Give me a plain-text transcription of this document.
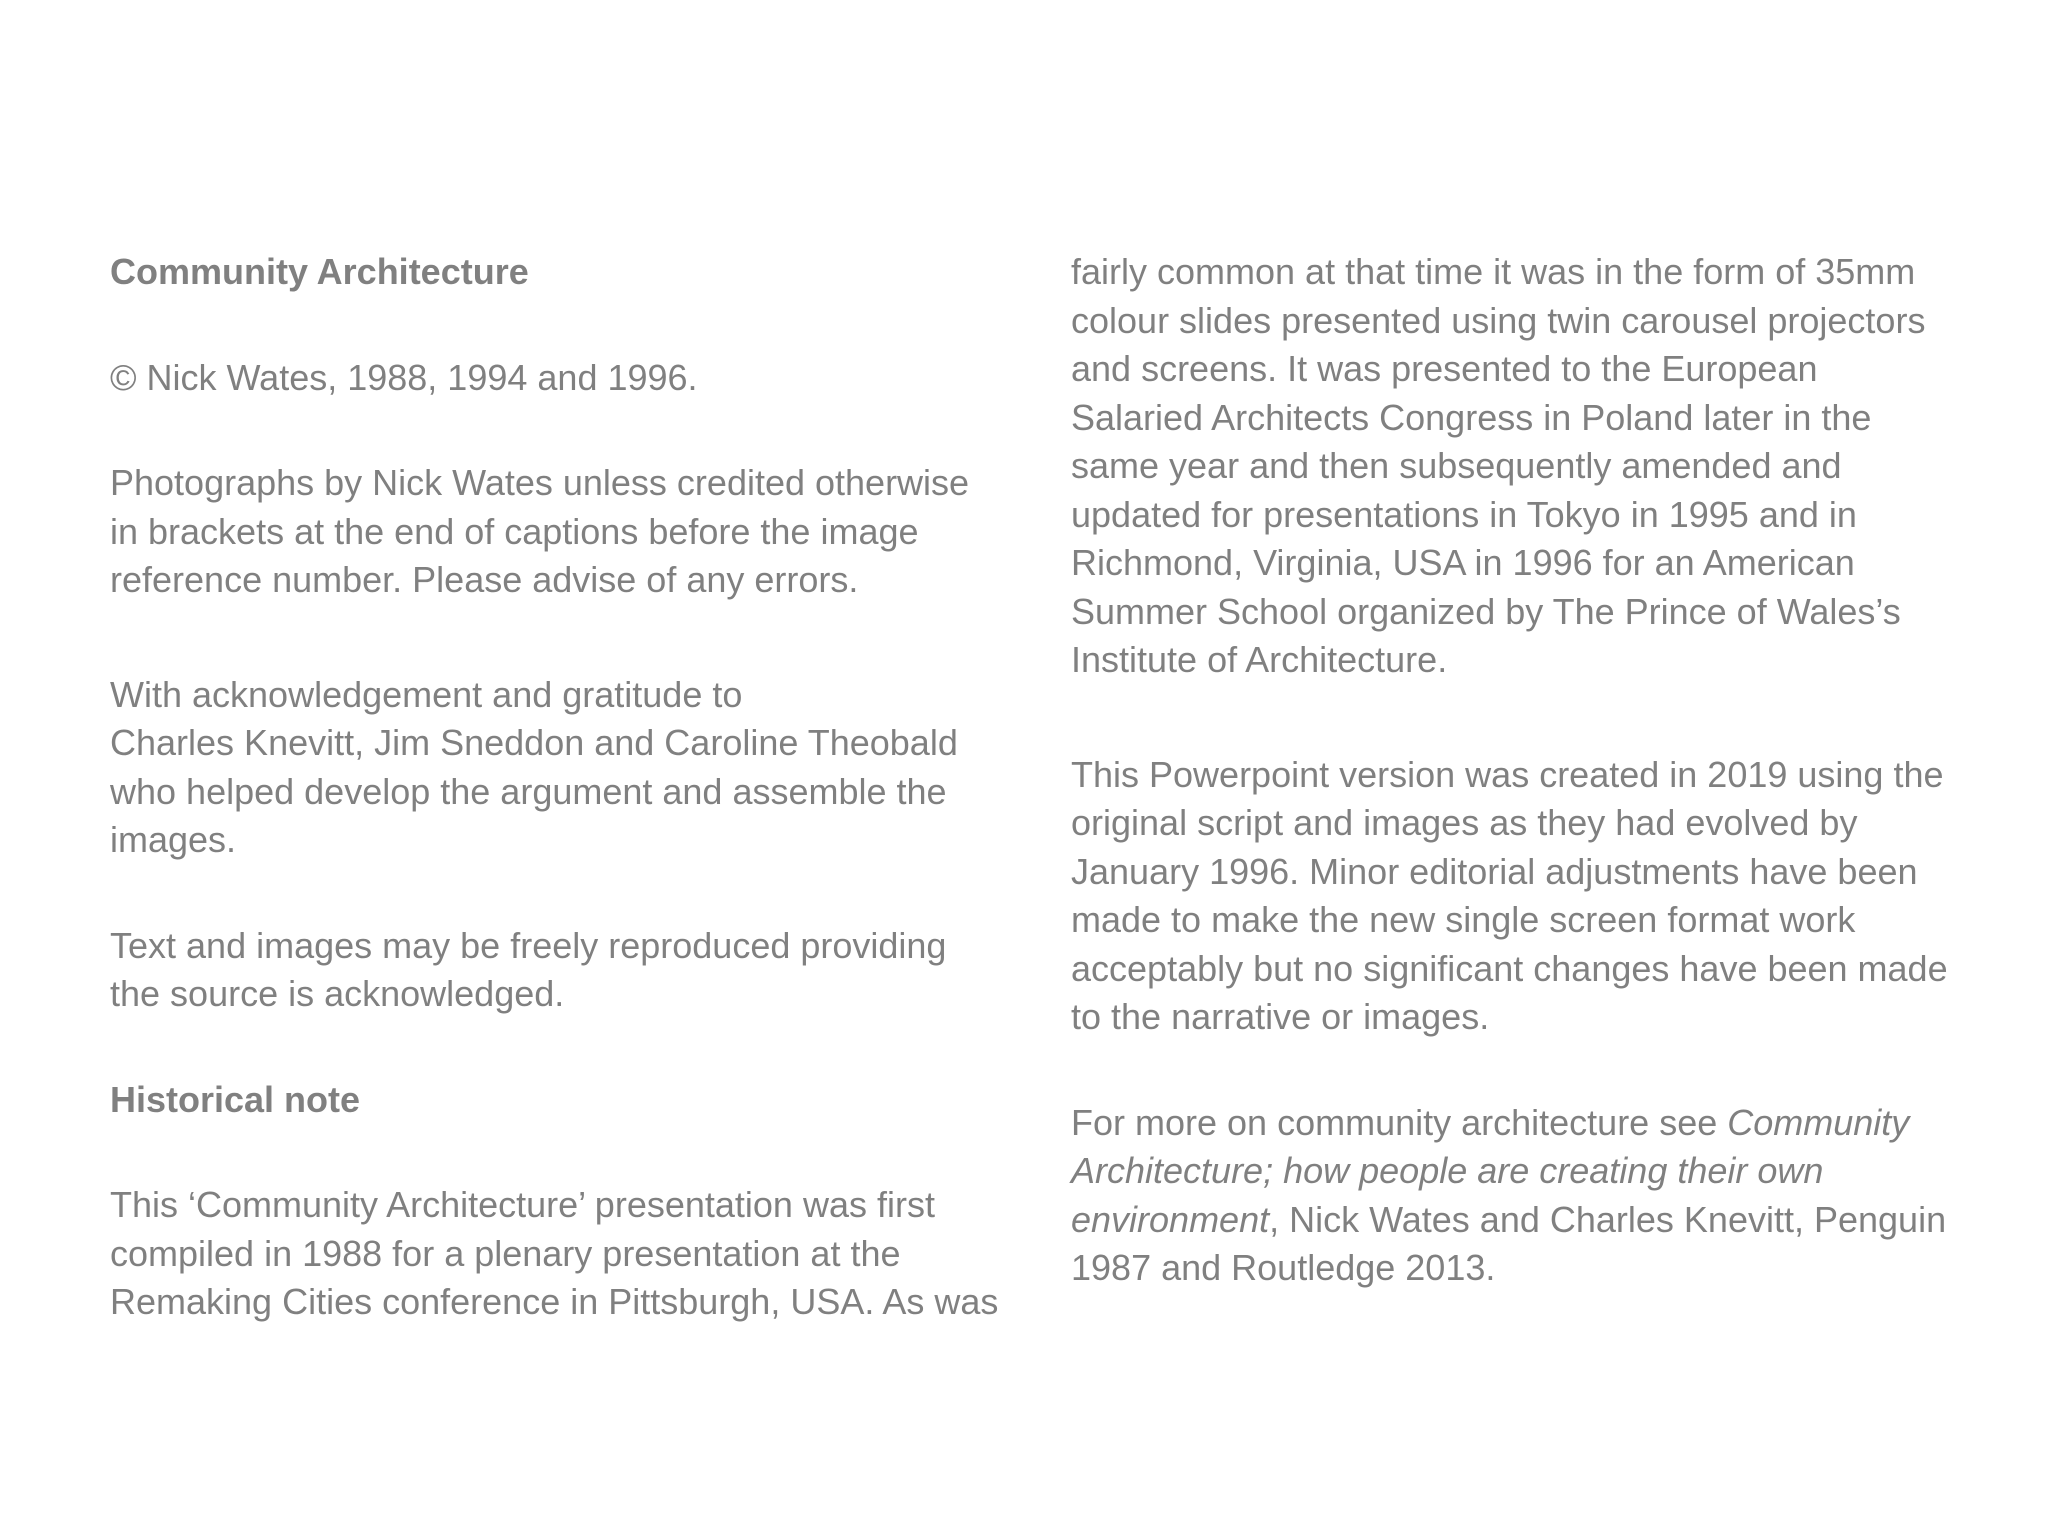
Community Architecture

© Nick Wates, 1988, 1994 and 1996.

Photographs by Nick Wates unless credited otherwise
in brackets at the end of captions before the image
reference number. Please advise of any errors.

With acknowledgement and gratitude to
Charles Knevitt, Jim Sneddon and Caroline Theobald
who helped develop the argument and assemble the
images.

Text and images may be freely reproduced providing
the source is acknowledged.

Historical note

This ‘Community Architecture’ presentation was first
compiled in 1988 for a plenary presentation at the
Remaking Cities conference in Pittsburgh, USA. As was

fairly common at that time it was in the form of 35mm
colour slides presented using twin carousel projectors
and screens. It was presented to the European
Salaried Architects Congress in Poland later in the
same year and then subsequently amended and
updated for presentations in Tokyo in 1995 and in
Richmond, Virginia, USA in 1996 for an American
Summer School organized by The Prince of Wales’s
Institute of Architecture.

This Powerpoint version was created in 2019 using the
original script and images as they had evolved by
January 1996. Minor editorial adjustments have been
made to make the new single screen format work
acceptably but no significant changes have been made
to the narrative or images.

For more on community architecture see Community
Architecture; how people are creating their own
environment, Nick Wates and Charles Knevitt, Penguin
1987 and Routledge 2013.
